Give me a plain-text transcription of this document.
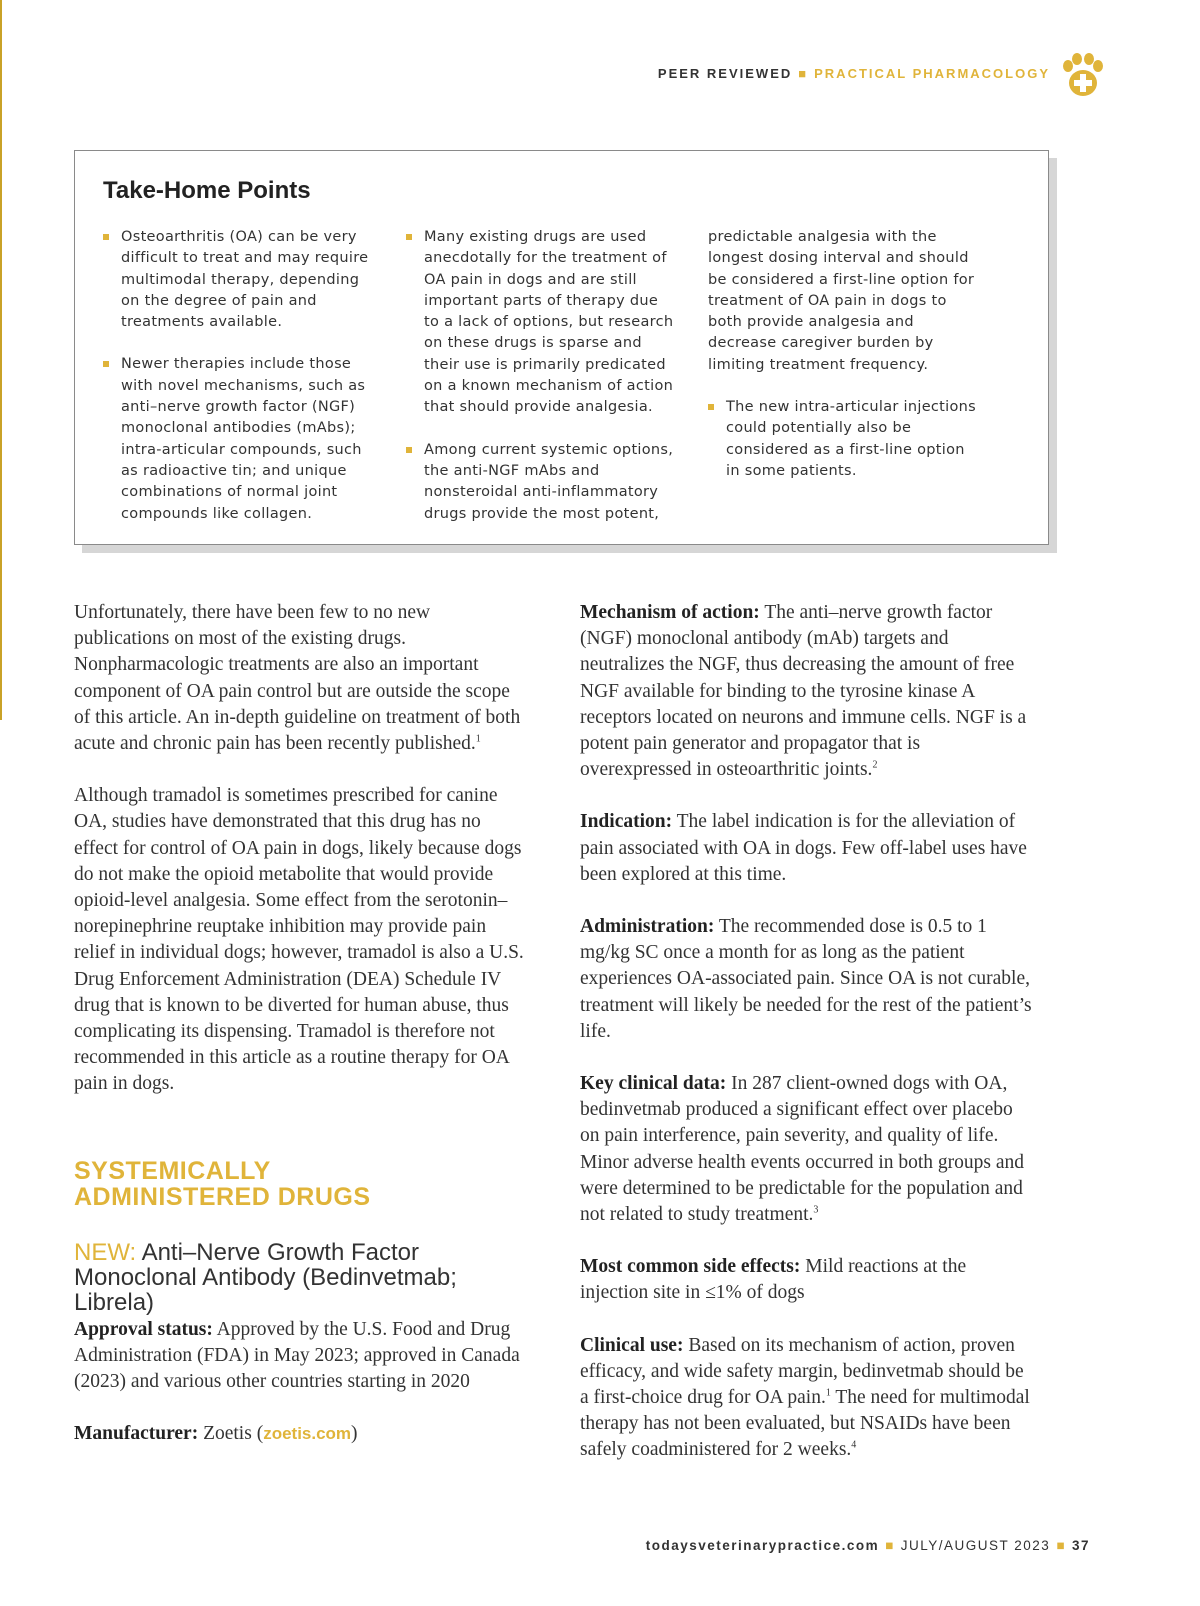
PEER REVIEWED ■ PRACTICAL PHARMACOLOGY
Take-Home Points

Osteoarthritis (OA) can be very difficult to treat and may require multimodal therapy, depending on the degree of pain and treatments available.

Newer therapies include those with novel mechanisms, such as anti–nerve growth factor (NGF) monoclonal antibodies (mAbs); intra-articular compounds, such as radioactive tin; and unique combinations of normal joint compounds like collagen.

Many existing drugs are used anecdotally for the treatment of OA pain in dogs and are still important parts of therapy due to a lack of options, but research on these drugs is sparse and their use is primarily predicated on a known mechanism of action that should provide analgesia.

Among current systemic options, the anti-NGF mAbs and nonsteroidal anti-inflammatory drugs provide the most potent,

predictable analgesia with the longest dosing interval and should be considered a first-line option for treatment of OA pain in dogs to both provide analgesia and decrease caregiver burden by limiting treatment frequency.

The new intra-articular injections could potentially also be considered as a first-line option in some patients.

Unfortunately, there have been few to no new publications on most of the existing drugs. Nonpharmacologic treatments are also an important component of OA pain control but are outside the scope of this article. An in-depth guideline on treatment of both acute and chronic pain has been recently published.$^1$

Although tramadol is sometimes prescribed for canine OA, studies have demonstrated that this drug has no effect for control of OA pain in dogs, likely because dogs do not make the opioid metabolite that would provide opioid-level analgesia. Some effect from the serotonin–norepinephrine reuptake inhibition may provide pain relief in individual dogs; however, tramadol is also a U.S. Drug Enforcement Administration (DEA) Schedule IV drug that is known to be diverted for human abuse, thus complicating its dispensing. Tramadol is therefore not recommended in this article as a routine therapy for OA pain in dogs.

SYSTEMICALLY
ADMINISTERED DRUGS
NEW: Anti–Nerve Growth Factor Monoclonal Antibody (Bedinvetmab; Librela)

Approval status: Approved by the U.S. Food and Drug Administration (FDA) in May 2023; approved in Canada (2023) and various other countries starting in 2020

Manufacturer: Zoetis (zoetis.com)

Mechanism of action: The anti–nerve growth factor (NGF) monoclonal antibody (mAb) targets and neutralizes the NGF, thus decreasing the amount of free NGF available for binding to the tyrosine kinase A receptors located on neurons and immune cells. NGF is a potent pain generator and propagator that is overexpressed in osteoarthritic joints.$^2$

Indication: The label indication is for the alleviation of pain associated with OA in dogs. Few off-label uses have been explored at this time.

Administration: The recommended dose is 0.5 to 1 mg/kg SC once a month for as long as the patient experiences OA-associated pain. Since OA is not curable, treatment will likely be needed for the rest of the patient’s life.

Key clinical data: In 287 client-owned dogs with OA, bedinvetmab produced a significant effect over placebo on pain interference, pain severity, and quality of life. Minor adverse health events occurred in both groups and were determined to be predictable for the population and not related to study treatment.$^3$

Most common side effects: Mild reactions at the injection site in ≤1% of dogs

Clinical use: Based on its mechanism of action, proven efficacy, and wide safety margin, bedinvetmab should be a first-choice drug for OA pain.$^1$ The need for multimodal therapy has not been evaluated, but NSAIDs have been safely coadministered for 2 weeks.$^4$

todaysveterinarypractice.com ■ JULY/AUGUST 2023 ■ 37
